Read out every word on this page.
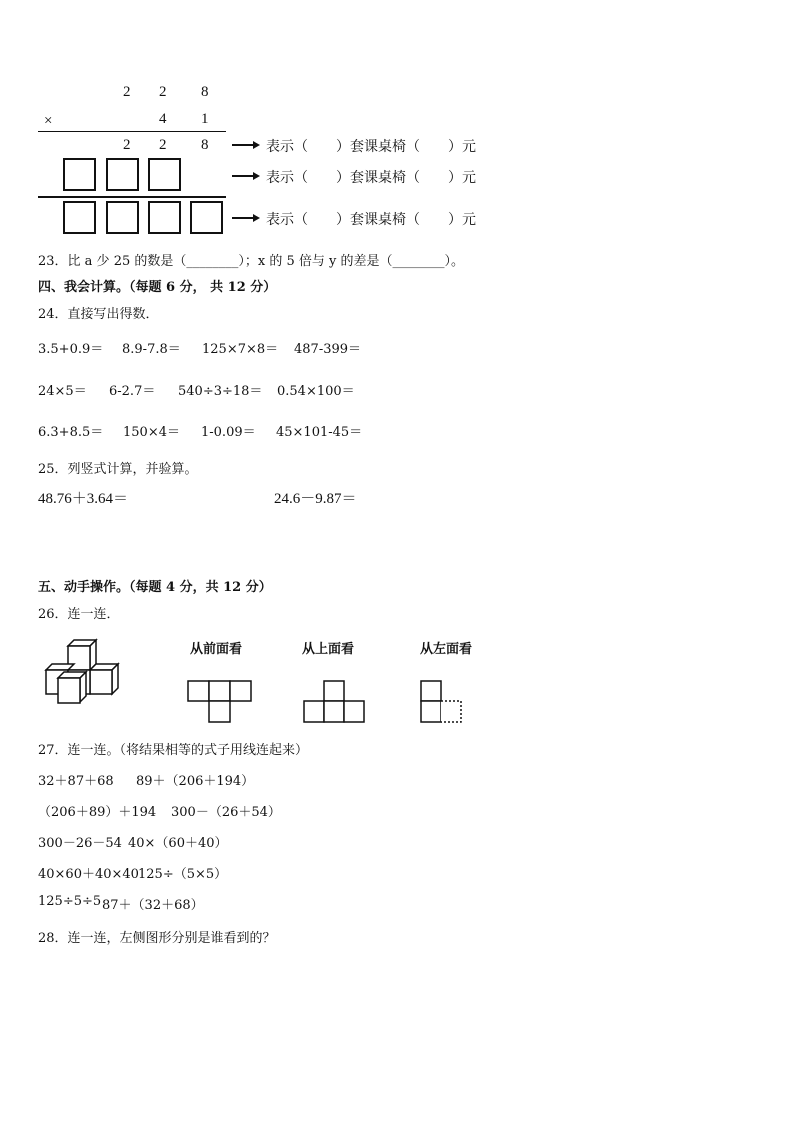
2 2 8
×	4 1
2 2 8	表示（　　）套课桌椅（　　）元
表示（　　）套课桌椅（　　）元
表示（　　）套课桌椅（　　）元
23．比 a 少 25 的数是（________）；x 的 5 倍与 y 的差是（________）。
四、我会计算。（每题 6 分， 共 12 分）
24．直接写出得数．
3.5+0.9＝ 8.9-7.8＝ 125×7×8＝ 487-399＝
24×5＝ 6-2.7＝ 540÷3÷18＝ 0.54×100＝
6.3+8.5＝ 150×4＝ 1-0.09＝ 45×101-45＝
25．列竖式计算，并验算。
48.76＋3.64＝	24.6－9.87＝
五、动手操作。（每题 4 分，共 12 分）
26．连一连．
从前面看	从上面看	从左面看
27．连一连。（将结果相等的式子用线连起来）
32＋87＋68 89＋（206＋194）
（206＋89）＋194 300－（26＋54）
300－26－54 40×（60＋40）
40×60＋40×40 125÷（5×5）
125÷5÷5 87＋（32＋68）
28．连一连，左侧图形分别是谁看到的？
